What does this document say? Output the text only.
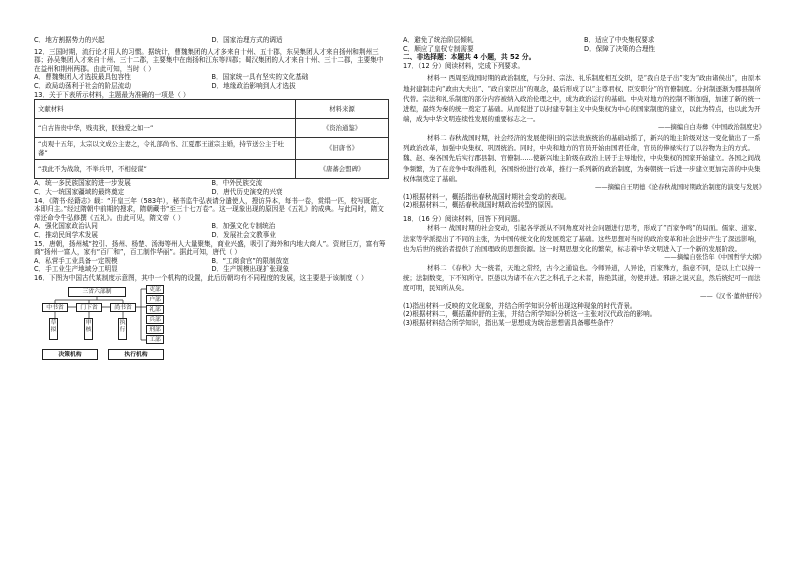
C．地方割据势力的兴起	D．国家治理方式的调适

12．三国时期，流行论才用人的习惯。据统计，曹魏集团的人才多来自十州、五十郡，东吴集团人才来自扬州和荆州三郡；孙吴集团人才来自十州、三十二郡，主要集中在南扬和江东等四郡；蜀汉集团的人才来自十州、三十二郡，主要集中在益州和荆州两郡。由此可知，当时（ ）

A．曹魏集团人才选拔最具包容性	B．国家统一具有坚实的文化基础
C．政局动荡利于社会的阶层流动	D．地缘政治影响到人才选拔

13．关于下表所示材料，主题最为准确的一项是（ ）

文献材料	材料来源
“自古皆贵中华，贱夷狄，朕独爱之如一”	《资治通鉴》
“贞观十五年，太宗以文成公主妻之，令礼部尚书、江夏郡王道宗主婚，持节送公主于吐蕃”	《旧唐书》
“我此不为战敌，不举兵甲，不相侵谋”	《唐蕃会盟碑》
A．统一多民族国家的进一步发展	B．中外民族交流
C．大一统国家疆域的最终奠定	D．唐代历史演变的兴衰

14．《隋书·经籍志》载：“开皇三年（583年），秘书监牛弘表请分遣使人，搜访异本，每书一卷，赏绢一匹，校写既定，本即归主。”经过隋朝中前期的搜求，隋朝藏书“至三十七万卷”。这一现象出现的原因是《五礼》的成典。与此同时，隋文帝还命令牛弘修撰《五礼》。由此可见，隋文帝（ ）

A．强化国家政治认同	B．加强文化专制统治
C．推动民间学术发展	D．发展社会文教事业

15．唐朝，扬州城“控引、扬州、杨楚、汤海等州人大量聚集，商业兴盛，吸引了海外和内地大商人”。资财巨万，富有筹商“扬州一富人，家有“百厂和”，百工制作华丽”。据此可知，唐代（ ）

A．私营手工业具备一定规模	B．“工商食官”的限制放宽
C．手工业生产地域分工明显	D．生产规模出现扩张现象

16．下图为中国古代某制度示意图，其中一个机构的设置，此后历朝均有不同程度的发展，这主要是于该制度（ ）

三省六部制
中书省	门下省	尚书省
草拟
审核
执行
吏部
户部
礼部
兵部
刑部
工部
决策机构	执行机构
A．避免了统治阶层倾轧	B．适应了中央集权要求
C．顺应了皇权专制需要	D．保障了决策的合理性

二、非选择题：本题共 4 小题，共 52 分。

17．（12 分）阅读材料，完成下列要求。

材料一 西周至战国时期的政治制度，与分封、宗法、礼乐制度相互交织，是“我自是子出”变为“政由诸侯出”，由原本地封建制走向“政由大夫出”、“政自家臣出”的观念，最后形成了以“主尊君权、臣安职分”的官僚制度。分封制逐渐为郡县制所代替。宗法和礼乐制度的部分内容被纳入政治伦理之中，成为政治运行的基础。中央对地方的控制不断加强，加速了新的统一进程，最终为秦的统一奠定了基础。从而促进了以封建专制主义中央集权为中心的国家制度的建立，以此为特点，也以此为开端，成为中华文明连续性发展的重要标志之一。

——摘编自白寿彝《中国政治制度史》

材料二 春秋战国时期，社会经济的发展使得旧的宗法贵族统治的基础动摇了，新兴的地主阶级对这一变化做出了一系列政治改革，加强中央集权、巩固统治。同时，中央和地方的官员开始由国君任命，官员的俸禄实行了以谷物为主的方式。魏、赵、秦各国先后实行郡县制、官僚制……使新兴地主阶级在政治上居于主导地位，中央集权的国家开始建立。各国之间战争频繁，为了在竞争中取得胜利，各国纷纷进行改革，推行一系列新的政治制度，为秦朝统一后进一步建立更加完善的中央集权体制奠定了基础。

——摘编自王明德《论春秋战国时期政治制度的演变与发展》

(1)根据材料一，概括指出春秋战国时期社会变动的表现。

(2)根据材料二，概括春秋战国时期政治转型的原因。

18．（16 分）阅读材料，回答下列问题。

材料一 战国时期的社会变动，引起各学派从不同角度对社会问题进行思考，形成了“百家争鸣”的局面。儒家、道家、法家等学派提出了不同的主张，为中国传统文化的发展奠定了基础。这些思想对当时的政治变革和社会进步产生了深远影响，也为后世的统治者提供了治国理政的思想资源。这一时期思想文化的繁荣，标志着中华文明进入了一个新的发展阶段。

——摘编自张岱年《中国哲学大纲》

材料二 《春秋》大一统者，天地之常经，古今之通谊也。今师异道，人异论，百家殊方，指意不同，是以上亡以持一统；法制数变，下不知所守。臣愚以为诸不在六艺之科孔子之术者，皆绝其道，勿使并进。邪辟之说灭息，然后统纪可一而法度可明，民知所从矣。

——《汉书·董仲舒传》

(1)指出材料一反映的文化现象，并结合所学知识分析出现这种现象的时代背景。

(2)根据材料二，概括董仲舒的主张，并结合所学知识分析这一主张对汉代政治的影响。

(3)根据材料结合所学知识，指出某一思想成为统治思想需具备哪些条件？
